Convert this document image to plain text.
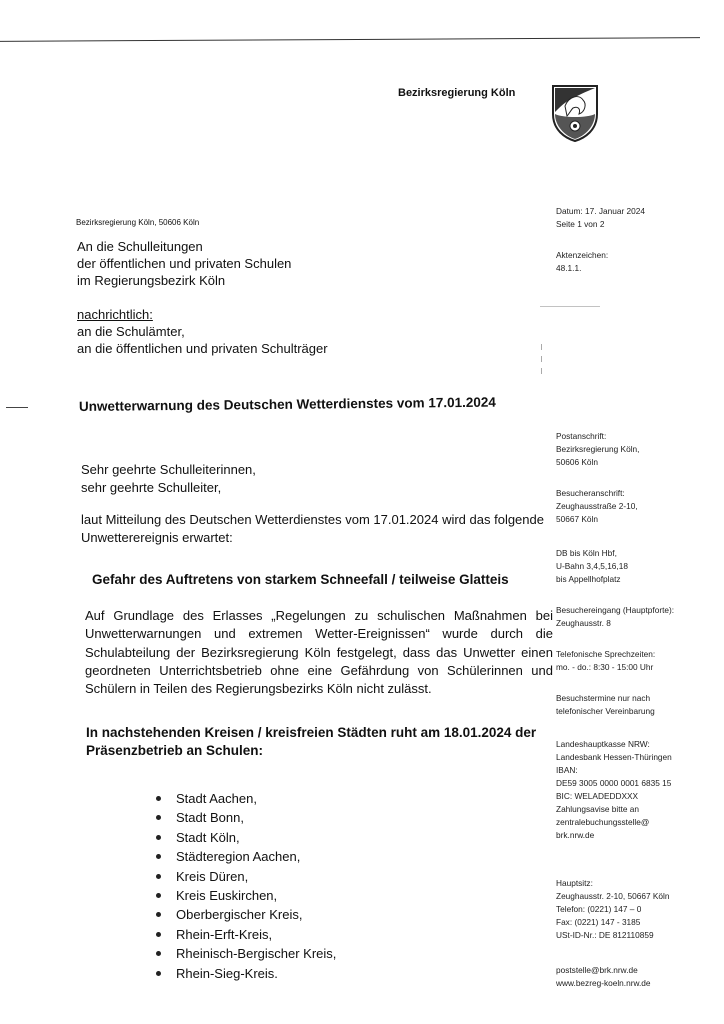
Bezirksregierung Köln
Bezirksregierung Köln, 50606 Köln
An die Schulleitungen
der öffentlichen und privaten Schulen
im Regierungsbezirk Köln
nachrichtlich:
an die Schulämter,
an die öffentlichen und privaten Schulträger
Datum: 17. Januar 2024
Seite 1 von 2
Aktenzeichen:
48.1.1.
Unwetterwarnung des Deutschen Wetterdienstes vom 17.01.2024
Sehr geehrte Schulleiterinnen,
sehr geehrte Schulleiter,
laut Mitteilung des Deutschen Wetterdienstes vom 17.01.2024 wird das folgende Unwetterereignis erwartet:
Gefahr des Auftretens von starkem Schneefall / teilweise Glatteis
Auf Grundlage des Erlasses „Regelungen zu schulischen Maßnahmen bei Unwetterwarnungen und extremen Wetter-Ereignissen“ wurde durch die Schulabteilung der Bezirksregierung Köln festgelegt, dass das Unwetter einen geordneten Unterrichtsbetrieb ohne eine Gefährdung von Schülerinnen und Schülern in Teilen des Regierungsbezirks Köln nicht zulässt.
In nachstehenden Kreisen / kreisfreien Städten ruht am 18.01.2024 der Präsenzbetrieb an Schulen:
Stadt Aachen,
Stadt Bonn,
Stadt Köln,
Städteregion Aachen,
Kreis Düren,
Kreis Euskirchen,
Oberbergischer Kreis,
Rhein-Erft-Kreis,
Rheinisch-Bergischer Kreis,
Rhein-Sieg-Kreis.
Postanschrift:
Bezirksregierung Köln,
50606 Köln
Besucheranschrift:
Zeughausstraße 2-10,
50667 Köln
DB bis Köln Hbf,
U-Bahn 3,4,5,16,18
bis Appellhofplatz
Besuchereingang (Hauptpforte):
Zeughausstr. 8
Telefonische Sprechzeiten:
mo. - do.: 8:30 - 15:00 Uhr
Besuchstermine nur nach
telefonischer Vereinbarung
Landeshauptkasse NRW:
Landesbank Hessen-Thüringen
IBAN:
DE59 3005 0000 0001 6835 15
BIC: WELADEDDXXX
Zahlungsavise bitte an
zentralebuchungsstelle@
brk.nrw.de
Hauptsitz:
Zeughausstr. 2-10, 50667 Köln
Telefon: (0221) 147 – 0
Fax: (0221) 147 - 3185
USt-ID-Nr.: DE 812110859
poststelle@brk.nrw.de
www.bezreg-koeln.nrw.de
